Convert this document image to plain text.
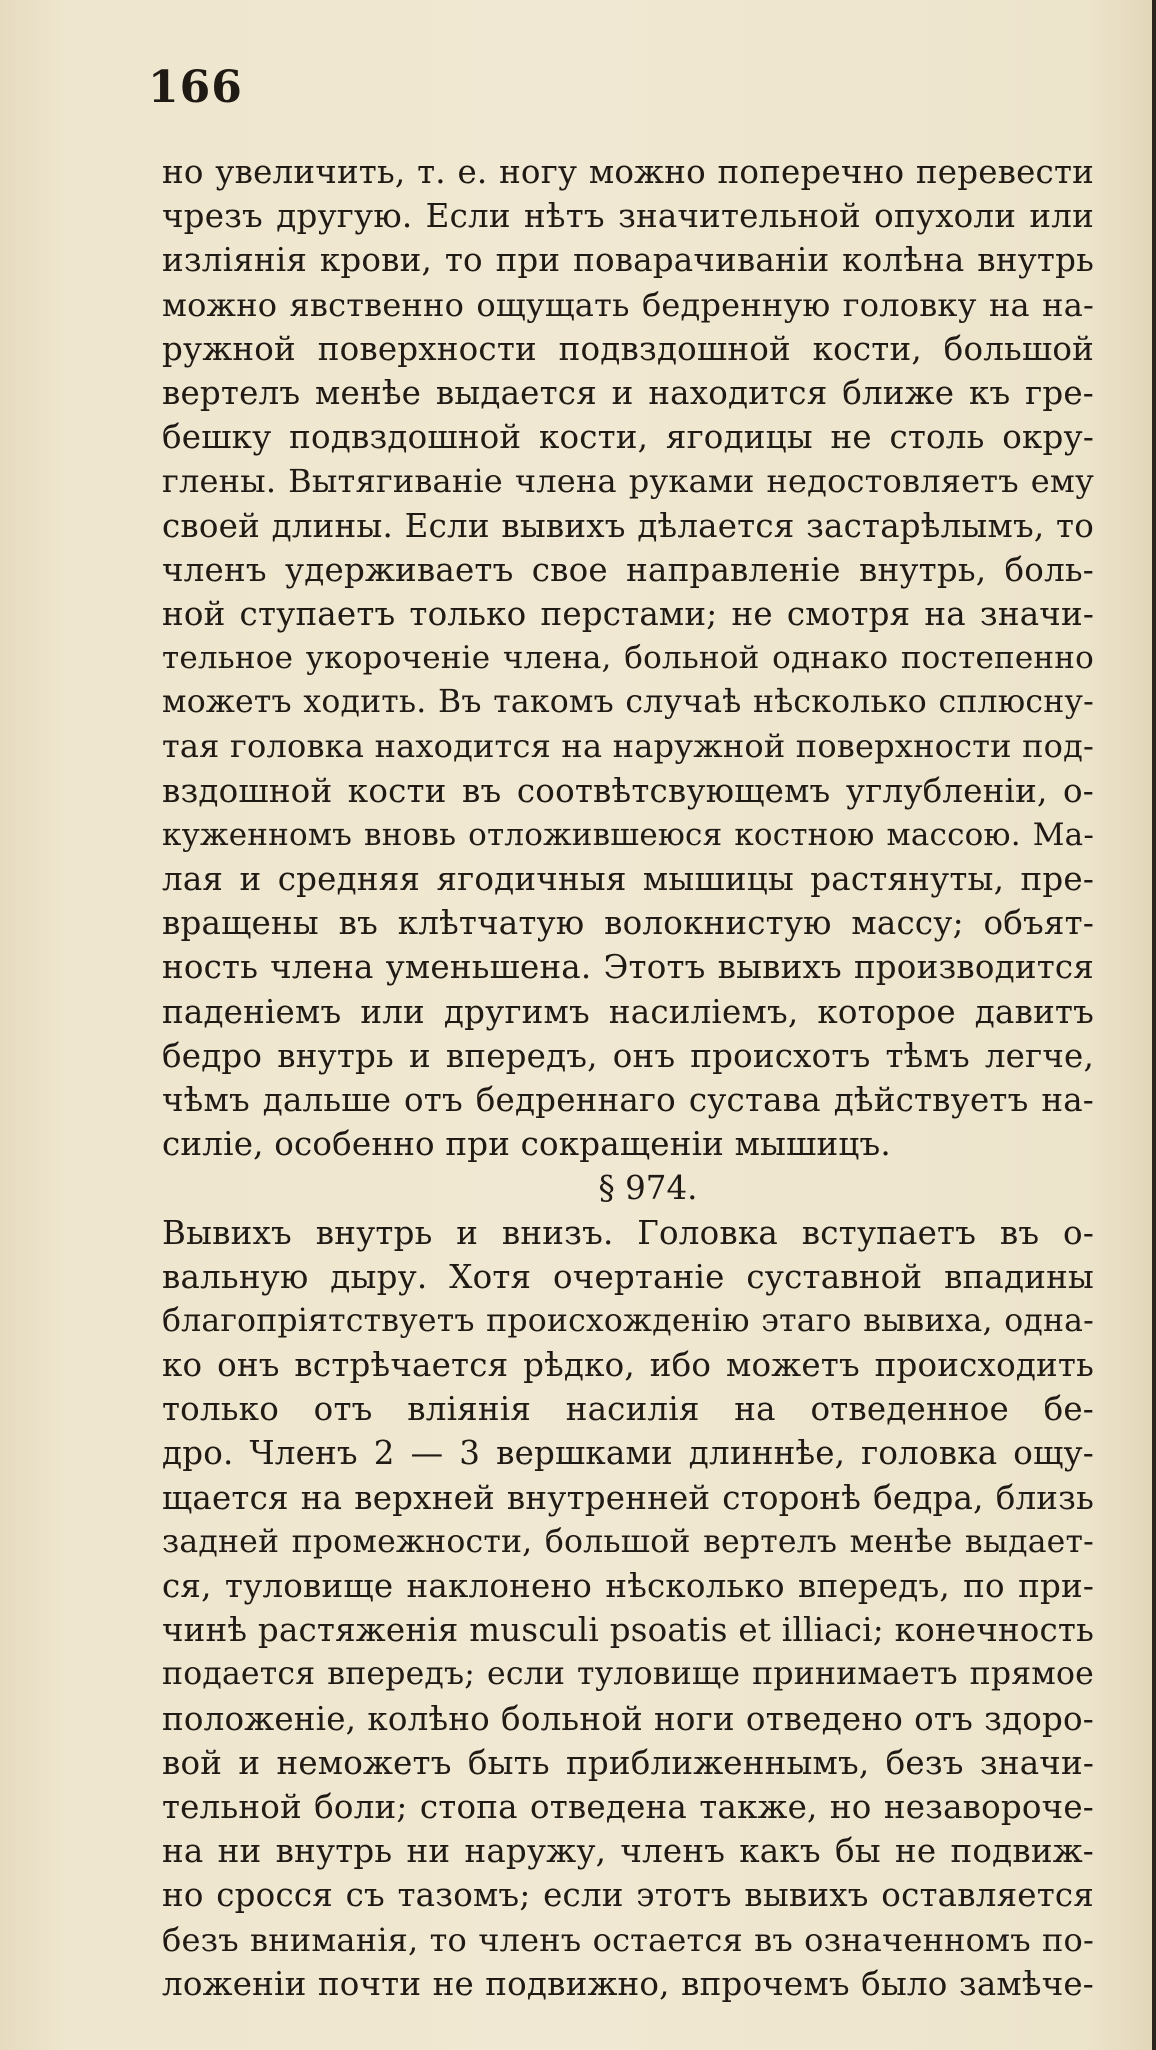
166
но увеличить, т. е. ногу можно поперечно перевести
чрезъ другую. Если нѣтъ значительной опухоли или
изліянія крови, то при поварачиваніи колѣна внутрь
можно явственно ощущать бедренную головку на на-
ружной поверхности подвздошной кости, большой
вертелъ менѣе выдается и находится ближе къ гре-
бешку подвздошной кости, ягодицы не столь окру-
глены. Вытягиваніе члена руками недостовляетъ ему
своей длины. Если вывихъ дѣлается застарѣлымъ, то
членъ удерживаетъ свое направленіе внутрь, боль-
ной ступаетъ только перстами; не смотря на значи-
тельное укороченіе члена, больной однако постепенно
можетъ ходить. Въ такомъ случаѣ нѣсколько сплюсну-
тая головка находится на наружной поверхности под-
вздошной кости въ соотвѣтсвующемъ углубленіи, о-
куженномъ вновь отложившеюся костною массою. Ма-
лая и средняя ягодичныя мышицы растянуты, пре-
вращены въ клѣтчатую волокнистую массу; объят-
ность члена уменьшена. Этотъ вывихъ производится
паденіемъ или другимъ насиліемъ, которое давитъ
бедро внутрь и впередъ, онъ происхотъ тѣмъ легче,
чѣмъ дальше отъ бедреннаго сустава дѣйствуетъ на-
силіе, особенно при сокращеніи мышицъ.
§ 974.
Вывихъ внутрь и внизъ. Головка вступаетъ въ о-
вальную дыру. Хотя очертаніе суставной впадины
благопріятствуетъ происхожденію этаго вывиха, одна-
ко онъ встрѣчается рѣдко, ибо можетъ происходить
только отъ вліянія насилія на отведенное бе-
дро. Членъ 2 — 3 вершками длиннѣе, головка ощу-
щается на верхней внутренней сторонѣ бедра, близь
задней промежности, большой вертелъ менѣе выдает-
ся, туловище наклонено нѣсколько впередъ, по при-
чинѣ растяженія musculi psoatis et illiaci; конечность
подается впередъ; если туловище принимаетъ прямое
положеніе, колѣно больной ноги отведено отъ здоро-
вой и неможетъ быть приближеннымъ, безъ значи-
тельной боли; стопа отведена также, но незавороче-
на ни внутрь ни наружу, членъ какъ бы не подвиж-
но сросся съ тазомъ; если этотъ вывихъ оставляется
безъ вниманія, то членъ остается въ означенномъ по-
ложеніи почти не подвижно, впрочемъ было замѣче-
